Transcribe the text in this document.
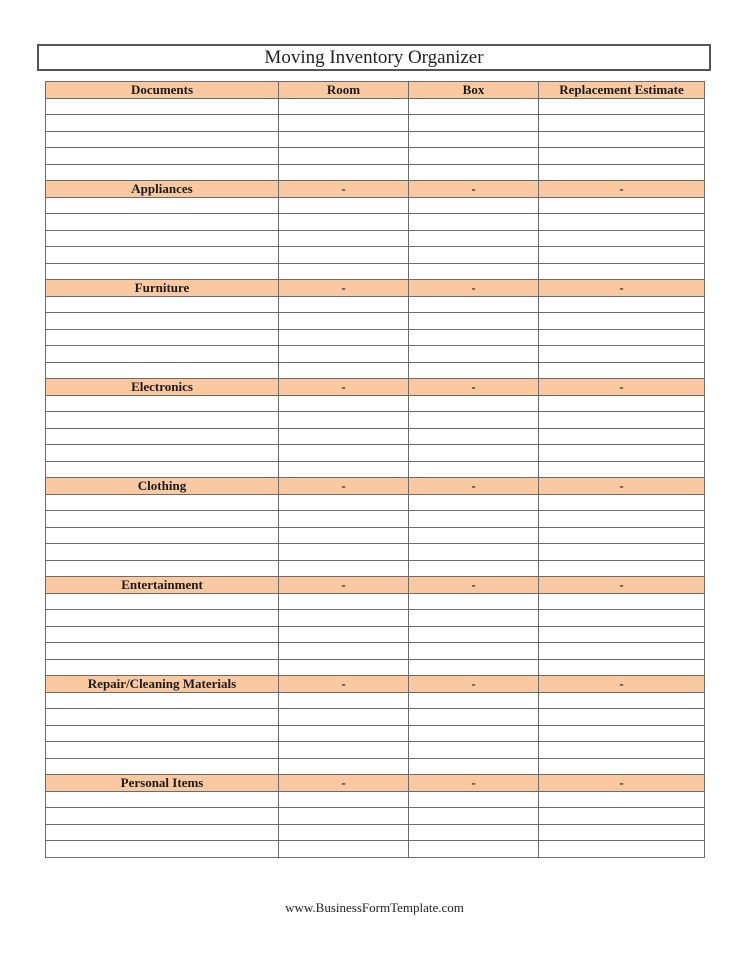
Moving Inventory Organizer
Documents	Room	Box	Replacement Estimate

Appliances	-	-	-

Furniture	-	-	-

Electronics	-	-	-

Clothing	-	-	-

Entertainment	-	-	-

Repair/Cleaning Materials	-	-	-

Personal Items	-	-	-

www.BusinessFormTemplate.com
